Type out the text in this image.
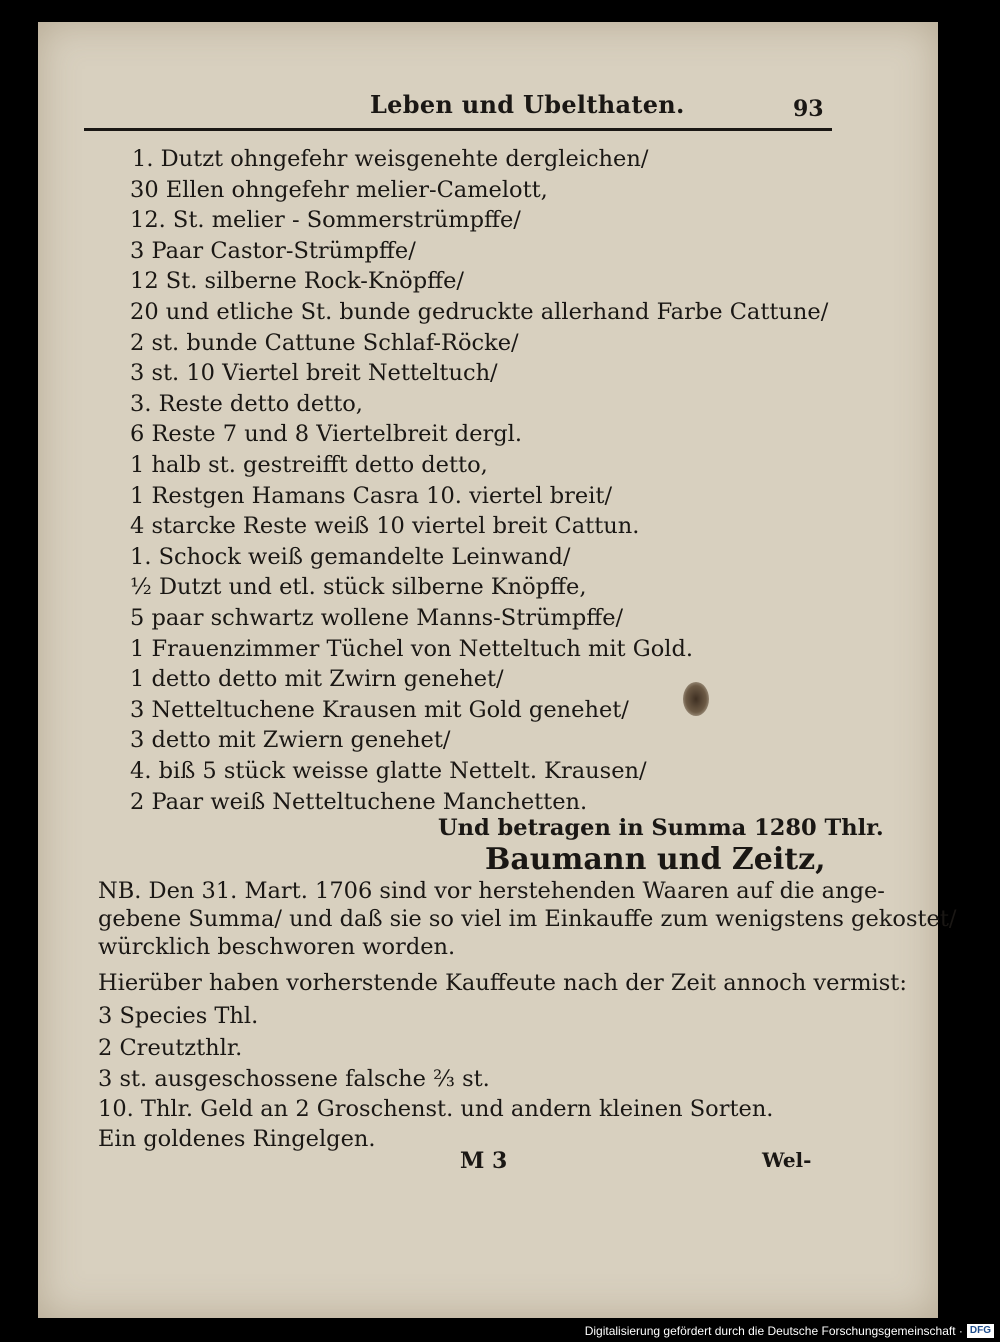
Leben und Ubelthaten.	93
1. Dutzt ohngefehr weisgenehte dergleichen/
30 Ellen ohngefehr melier-Camelott,
12. St. melier - Sommerstrümpffe/
3 Paar Castor-Strümpffe/
12 St. silberne Rock-Knöpffe/
20 und etliche St. bunde gedruckte allerhand Farbe Cattune/
2 st. bunde Cattune Schlaf-Röcke/
3 st. 10 Viertel breit Netteltuch/
3. Reste detto detto,
6 Reste 7 und 8 Viertelbreit dergl.
1 halb st. gestreifft detto detto,
1 Restgen Hamans Casra 10. viertel breit/
4 starcke Reste weiß 10 viertel breit Cattun.
1. Schock weiß gemandelte Leinwand/
½ Dutzt und etl. stück silberne Knöpffe,
5 paar schwartz wollene Manns-Strümpffe/
1 Frauenzimmer Tüchel von Netteltuch mit Gold.
1 detto detto mit Zwirn genehet/
3 Netteltuchene Krausen mit Gold genehet/
3 detto mit Zwiern genehet/
4. biß 5 stück weisse glatte Nettelt. Krausen/
2 Paar weiß Netteltuchene Manchetten.
Und betragen in Summa 1280 Thlr.
Baumann und Zeitz,
NB. Den 31. Mart. 1706 sind vor herstehenden Waaren auf die ange-
gebene Summa/ und daß sie so viel im Einkauffe zum wenigstens gekostet/
würcklich beschworen worden.
Hierüber haben vorherstende Kauffeute nach der Zeit annoch vermist:
3 Species Thl.
2 Creutzthlr.
3 st. ausgeschossene falsche ⅔ st.
10. Thlr. Geld an 2 Groschenst. und andern kleinen Sorten.
Ein goldenes Ringelgen.
M 3	Wel-
Digitalisierung gefördert durch die Deutsche Forschungsgemeinschaft · DFG
